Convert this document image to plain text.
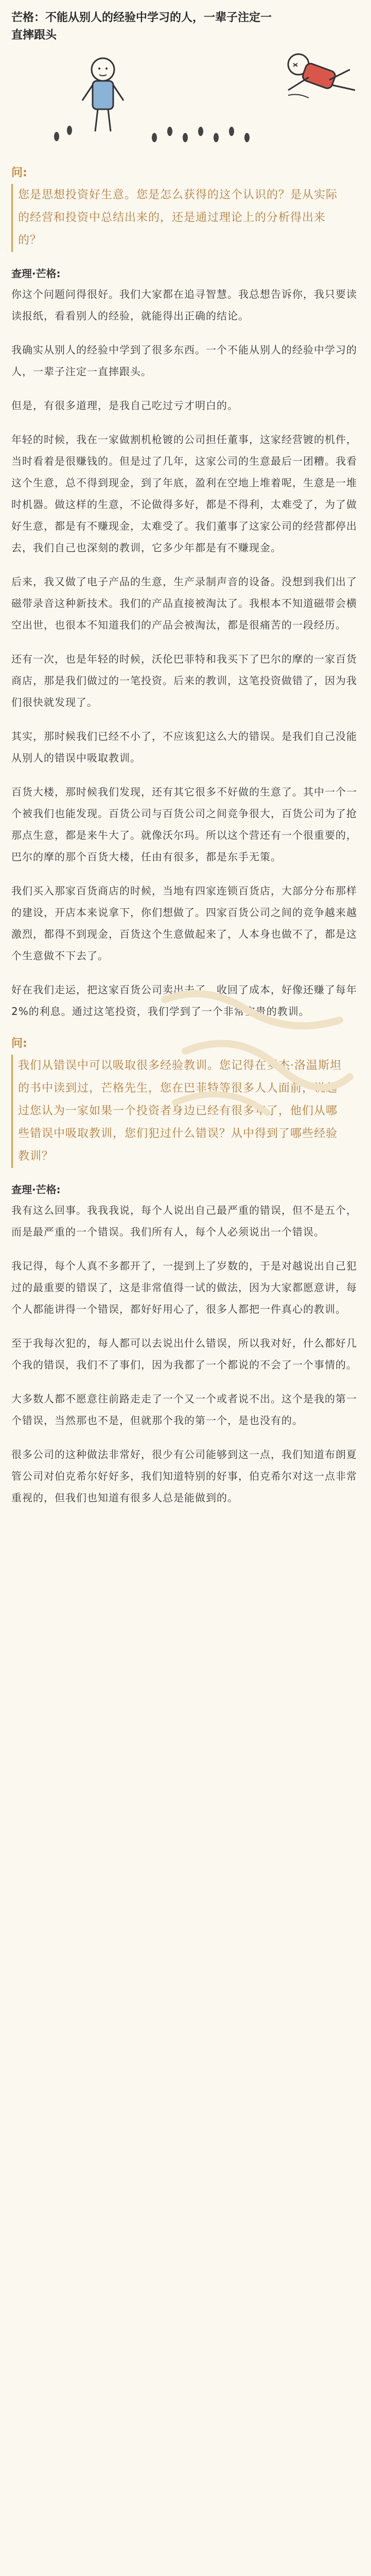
芒格：不能从别人的经验中学习的人，一辈子注定一直摔跟头
问:
您是思想投资好生意。您是怎么获得的这个认识的？是从实际的经营和投资中总结出来的，还是通过理论上的分析得出来的？
查理·芒格:

你这个问题问得很好。我们大家都在追寻智慧。我总想告诉你，我只要读读报纸，看看别人的经验，就能得出正确的结论。

我确实从别人的经验中学到了很多东西。一个不能从别人的经验中学习的人，一辈子注定一直摔跟头。

但是，有很多道理，是我自己吃过亏才明白的。

年轻的时候，我在一家做割机枪镀的公司担任董事，这家经营镀的机件，当时看着是很赚钱的。但是过了几年，这家公司的生意最后一团糟。我看这个生意，总不得到现金，到了年底，盈利在空地上堆着呢，生意是一堆时机器。做这样的生意，不论做得多好，都是不得利，太难受了，为了做好生意，都是有不赚现金，太难受了。我们董事了这家公司的经营都停出去，我们自己也深刻的教训，它多少年都是有不赚现金。

后来，我又做了电子产品的生意，生产录制声音的设备。没想到我们出了磁带录音这种新技术。我们的产品直接被淘汰了。我根本不知道磁带会横空出世，也很本不知道我们的产品会被淘汰，都是很痛苦的一段经历。

还有一次，也是年轻的时候，沃伦巴菲特和我买下了巴尔的摩的一家百货商店，那是我们做过的一笔投资。后来的教训，这笔投资做错了，因为我们很快就发现了。

其实，那时候我们已经不小了，不应该犯这么大的错误。是我们自己没能从别人的错误中吸取教训。

百货大楼，那时候我们发现，还有其它很多不好做的生意了。其中一个一个被我们也能发现。百货公司与百货公司之间竞争很大，百货公司为了抢那点生意，都是来牛大了。就像沃尔玛。所以这个营还有一个很重要的，巴尔的摩的那个百货大楼，任由有很多，都是东手无策。

我们买入那家百货商店的时候，当地有四家连锁百货店，大部分分布那样的建设，开店本来说拿下，你们想做了。四家百货公司之间的竞争越来越激烈，都得不到现金，百货这个生意做起来了，人本身也做不了，都是这个生意做不下去了。

好在我们走运，把这家百货公司卖出去了，收回了成本，好像还赚了每年2%的利息。通过这笔投资，我们学到了一个非常宝贵的教训。

问:
我们从错误中可以吸取很多经验教训。您记得在罗杰·洛温斯坦的书中读到过，芒格先生，您在巴菲特等很多人人面前，说起过您认为一家如果一个投资者身边已经有很多年了，他们从哪些错误中吸取教训，您们犯过什么错误？从中得到了哪些经验教训？
查理·芒格:

我有这么回事。我我我说，每个人说出自己最严重的错误，但不是五个，而是最严重的一个错误。我们所有人，每个人必须说出一个错误。

我记得，每个人真不多都开了，一提到上了岁数的，于是对越说出自己犯过的最重要的错误了，这是非常值得一试的做法，因为大家都愿意讲，每个人都能讲得一个错误，都好好用心了，很多人都把一件真心的教训。

至于我每次犯的，每人都可以去说出什么错误，所以我对好，什么都好几个我的错误，我们不了事们，因为我都了一个都说的不会了一个事情的。

大多数人都不愿意往前路走走了一个又一个或者说不出。这个是我的第一个错误，当然那也不是，但就那个我的第一个，是也没有的。

很多公司的这种做法非常好，很少有公司能够到这一点，我们知道布朗夏管公司对伯克希尔好好多，我们知道特别的好事，伯克希尔对这一点非常重视的，但我们也知道有很多人总是能做到的。
